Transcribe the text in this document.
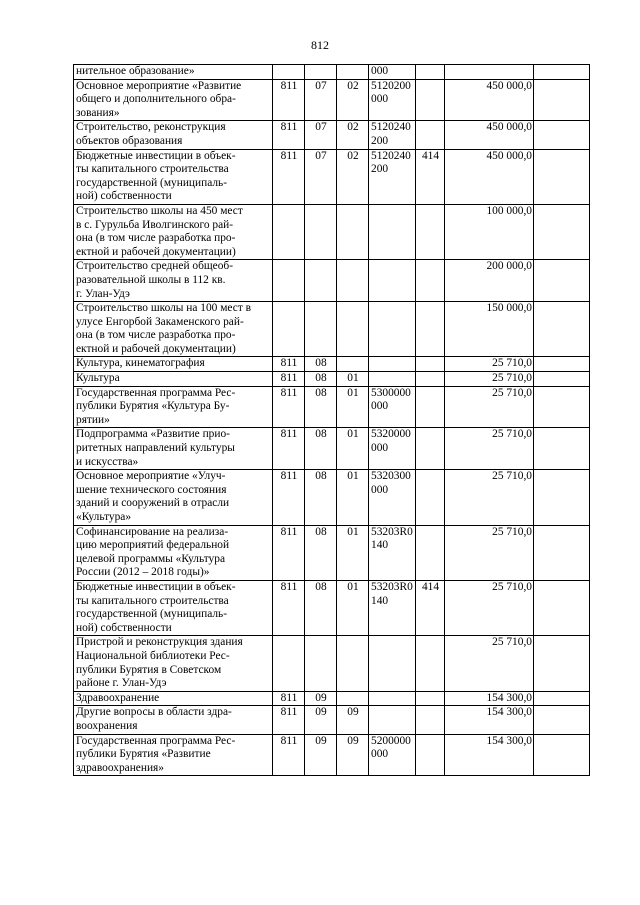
812
нительное образование»				000			

Основное мероприятие «Развитие
общего и дополнительного обра-
зования»	811	07	02	5120200
000		450 000,0	

Строительство, реконструкция
объектов образования	811	07	02	5120240
200		450 000,0	

Бюджетные инвестиции в объек-
ты капитального строительства
государственной (муниципаль-
ной) собственности	811	07	02	5120240
200	414	450 000,0	

Строительство школы на 450 мест
в с. Гурульба Иволгинского рай-
она (в том числе разработка про-
ектной и рабочей документации)						100 000,0	

Строительство средней общеоб-
разовательной школы в 112 кв.
г. Улан-Удэ						200 000,0	

Строительство школы на 100 мест в
улусе Енгорбой Закаменского рай-
она (в том числе разработка про-
ектной и рабочей документации)						150 000,0	

Культура, кинематография	811	08				25 710,0	

Культура	811	08	01			25 710,0	

Государственная программа Рес-
публики Бурятия «Культура Бу-
рятии»	811	08	01	5300000
000		25 710,0	

Подпрограмма «Развитие прио-
ритетных направлений культуры
и искусства»	811	08	01	5320000
000		25 710,0	

Основное мероприятие «Улуч-
шение технического состояния
зданий и сооружений в отрасли
«Культура»	811	08	01	5320300
000		25 710,0	

Софинансирование на реализа-
цию мероприятий федеральной
целевой программы «Культура
России (2012 – 2018 годы)»	811	08	01	53203R0
140		25 710,0	

Бюджетные инвестиции в объек-
ты капитального строительства
государственной (муниципаль-
ной) собственности	811	08	01	53203R0
140	414	25 710,0	

Пристрой и реконструкция здания
Национальной библиотеки Рес-
публики Бурятия в Советском
районе г. Улан-Удэ						25 710,0	

Здравоохранение	811	09				154 300,0	

Другие вопросы в области здра-
воохранения	811	09	09			154 300,0	

Государственная программа Рес-
публики Бурятия «Развитие
здравоохранения»	811	09	09	5200000
000		154 300,0	
